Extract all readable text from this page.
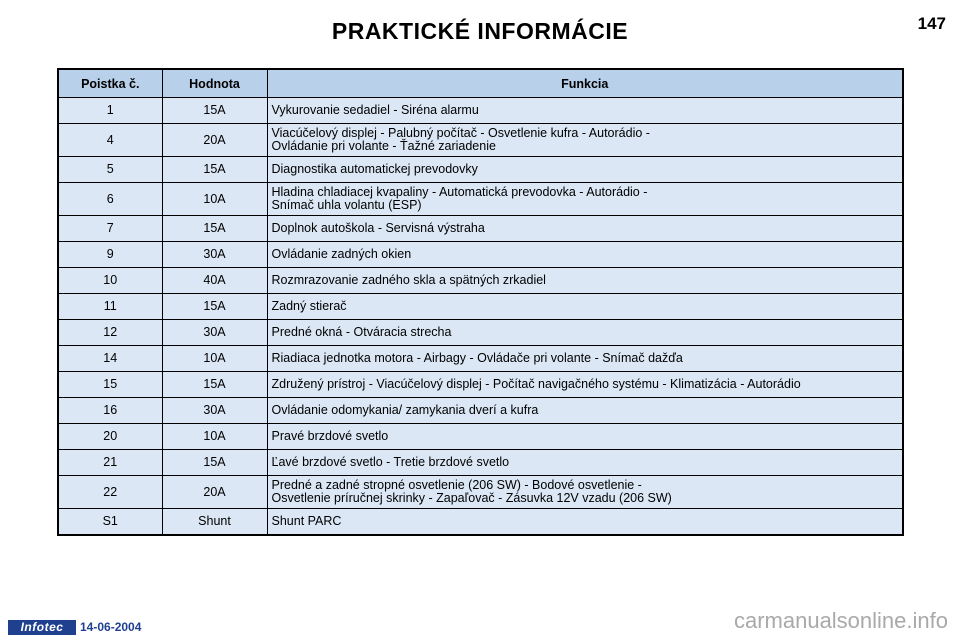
PRAKTICKÉ INFORMÁCIE	147
Poistka č.	Hodnota	Funkcia
1	15A	Vykurovanie sedadiel - Siréna alarmu

4	20A	Viacúčelový displej - Palubný počítač - Osvetlenie kufra - Autorádio -
Ovládanie pri volante - Ťažné zariadenie

5	15A	Diagnostika automatickej prevodovky

6	10A	Hladina chladiacej kvapaliny - Automatická prevodovka - Autorádio -
Snímač uhla volantu (ESP)

7	15A	Doplnok autoškola - Servisná výstraha

9	30A	Ovládanie zadných okien

10	40A	Rozmrazovanie zadného skla a spätných zrkadiel

11	15A	Zadný stierač

12	30A	Predné okná - Otváracia strecha

14	10A	Riadiaca jednotka motora - Airbagy - Ovládače pri volante - Snímač dažďa

15	15A	Združený prístroj - Viacúčelový displej - Počítač navigačného systému - Klimatizácia - Autorádio

16	30A	Ovládanie odomykania/ zamykania dverí a kufra

20	10A	Pravé brzdové svetlo

21	15A	Ľavé brzdové svetlo - Tretie brzdové svetlo

22	20A	Predné a zadné stropné osvetlenie (206 SW) - Bodové osvetlenie -
Osvetlenie príručnej skrinky - Zapaľovač - Zásuvka 12V vzadu (206 SW)

S1	Shunt	Shunt PARC
Infotec	14-06-2004	carmanualsonline.info
